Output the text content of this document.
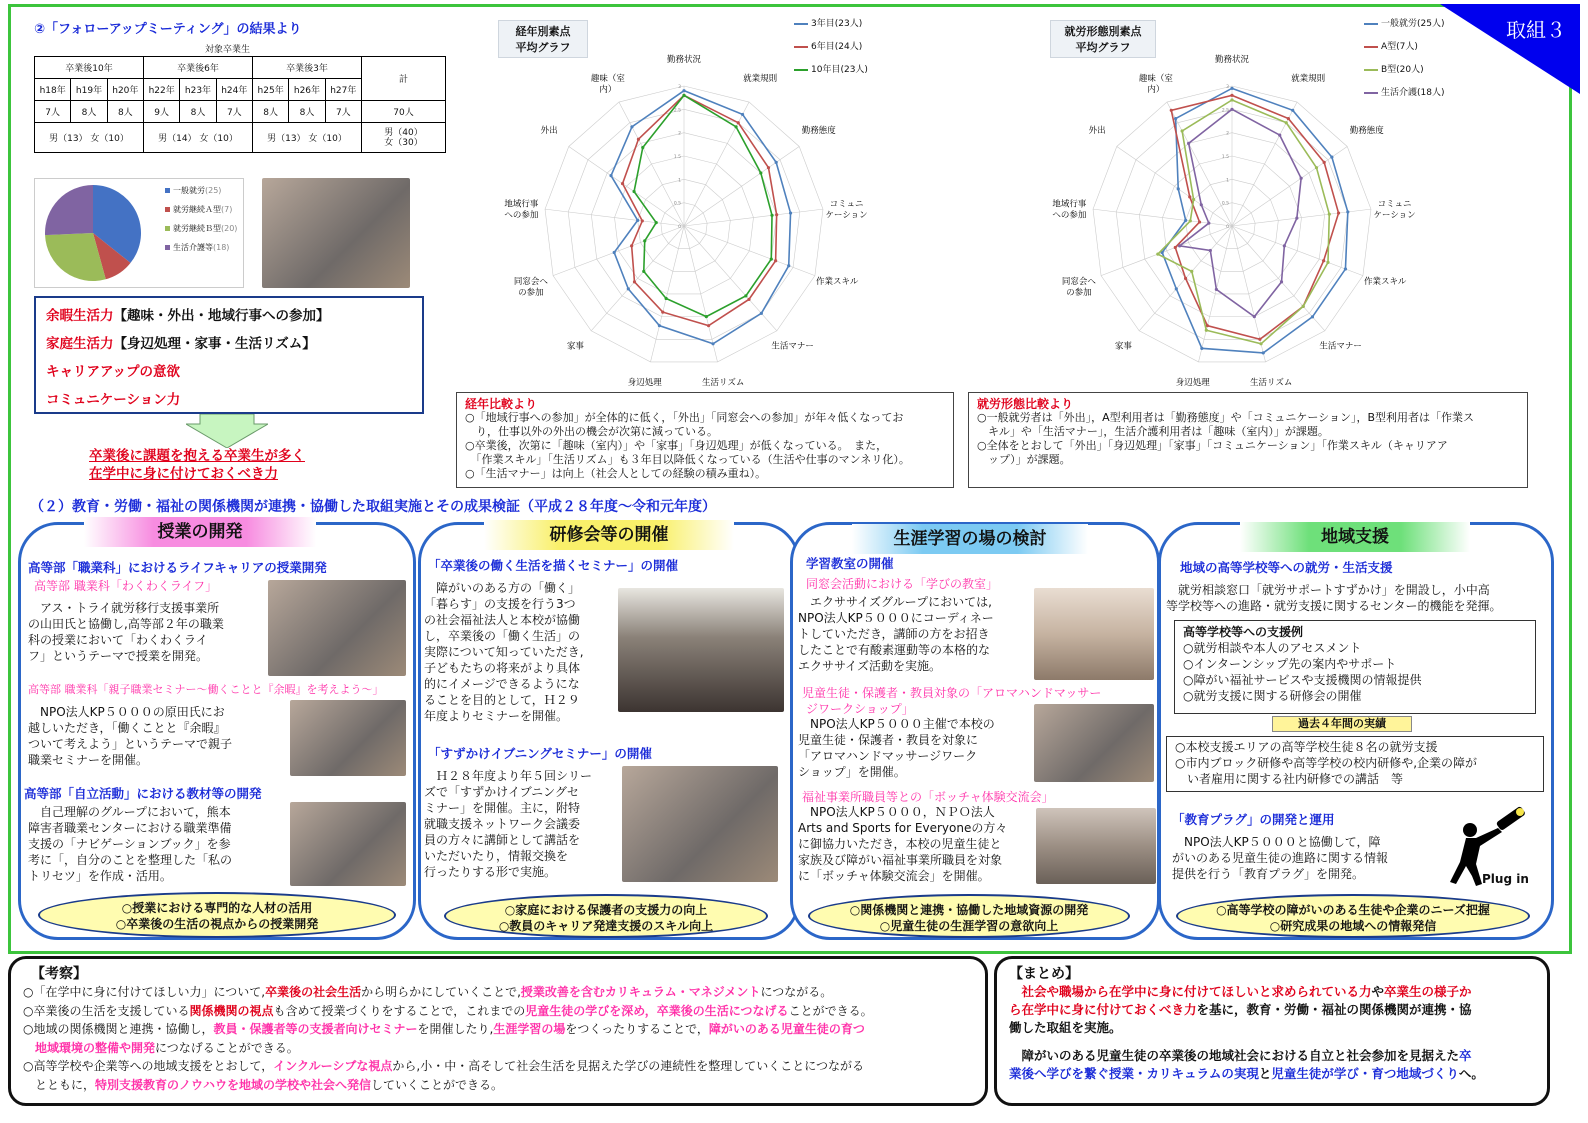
取組３
②「フォローアップミーティング」の結果より
対象卒業生
卒業後10年			卒業後6年			卒業後3年			計
h18年	h19年	h20年	h22年	h23年	h24年	h25年	h26年	h27年	
7人	8人	8人	9人	8人	7人	8人	8人	7人	70人
男（13） 女（10）			男（14） 女（10）			男（13） 女（10）			男（40）
女（30）
一般就労(25)
就労継続Ａ型(7)
就労継続Ｂ型(20)
生活介護等(18)
余暇生活力【趣味・外出・地域行事への参加】
家庭生活力【身辺処理・家事・生活リズム】
キャリアアップの意欲
コミュニケーション力
卒業後に課題を抱える卒業生が多く
在学中に身に付けておくべき力
経年別素点
平均グラフ
勤務状況
就業規則
勤務態度
コミュニケーション
作業スキル
生活マナー
生活リズム
身辺処理
家事
同窓会への参加
地域行事への参加
外出
趣味（室内）
0
0.5
1
1.5
2
2.5
3
3年目(23人)
6年目(24人)
10年目(23人)
就労形態別素点
平均グラフ
勤務状況
就業規則
勤務態度
コミュニケーション
作業スキル
生活マナー
生活リズム
身辺処理
家事
同窓会への参加
地域行事への参加
外出
趣味（室内）
0
0.5
1
1.5
2
2.5
3
一般就労(25人)
A型(7人)
B型(20人)
生活介護(18人)
経年比較より
○「地域行事への参加」が全体的に低く，「外出」「同窓会への参加」が年々低くなってお
　り，仕事以外の外出の機会が次第に減っている。
○卒業後，次第に「趣味（室内）」や「家事」「身辺処理」が低くなっている。　また，
　「作業スキル」「生活リズム」も３年目以降低くなっている（生活や仕事のマンネリ化）。
○「生活マナー」は向上（社会人としての経験の積み重ね）。
就労形態比較より
○一般就労者は「外出」，A型利用者は「勤務態度」や「コミュニケーション」，B型利用者は「作業ス
　キル」や「生活マナー」，生活介護利用者は「趣味（室内）」が課題。
○全体をとおして「外出」「身辺処理」「家事」「コミュニケーション」「作業スキル（キャリアア
　ップ）」が課題。
（２）教育・労働・福祉の関係機関が連携・協働した取組実施とその成果検証（平成２８年度～令和元年度）
授業の開発
高等部「職業科」におけるライフキャリアの授業開発
高等部 職業科「わくわくライフ」
　アス・トライ就労移行支援事業所
の山田氏と協働し,高等部２年の職業
科の授業において「わくわくライ
フ」というテーマで授業を開発。
高等部 職業科「親子職業セミナー～働くことと『余暇』を考えよう～」
　NPO法人KP５０００の原田氏にお
越しいただき，「働くことと『余暇』
ついて考えよう」というテーマで親子
職業セミナーを開催。
高等部「自立活動」における教材等の開発
　自己理解のグループにおいて，熊本
障害者職業センターにおける職業準備
支援の「ナビゲーションブック」を参
考に「，自分のことを整理した「私の
トリセツ」を作成・活用。
○授業における専門的な人材の活用
○卒業後の生活の視点からの授業開発
研修会等の開催
「卒業後の働く生活を描くセミナー」の開催
　障がいのある方の「働く」
「暮らす」の支援を行う3つ
の社会福祉法人と本校が協働
し，卒業後の「働く生活」の
実際について知っていただき,
子どもたちの将来がより具体
的にイメージできるようにな
ることを目的として，Ｈ２９
年度よりセミナーを開催。
「すずかけイブニングセミナー」の開催
　Ｈ２８年度より年５回シリー
ズで「すずかけイブニングセ
ミナー」を開催。主に，附特
就職支援ネットワーク会議委
員の方々に講師として講話を
いただいたり，情報交換を
行ったりする形で実施。
○家庭における保護者の支援力の向上
○教員のキャリア発達支援のスキル向上
生涯学習の場の検討
学習教室の開催
同窓会活動における「学びの教室」
　エクササイズグループにおいては,
NPO法人KP５０００にコーディネー
トしていただき，講師の方をお招き
したことで有酸素運動等の本格的な
エクササイズ活動を実施。
児童生徒・保護者・教員対象の「アロマハンドマッサー
ジワークショップ」
　NPO法人KP５０００主催で本校の
児童生徒・保護者・教員を対象に
「アロマハンドマッサージワーク
ショップ」を開催。
福祉事業所職員等との「ボッチャ体験交流会」
　NPO法人KP５０００，ＮＰＯ法人
Arts and Sports for Everyoneの方々
に御協力いただき，本校の児童生徒と
家族及び障がい福祉事業所職員を対象
に「ボッチャ体験交流会」を開催。
○関係機関と連携・協働した地域資源の開発
○児童生徒の生涯学習の意欲向上
地域支援
地域の高等学校等への就労・生活支援
　就労相談窓口「就労サポートすずかけ」を開設し，小中高
等学校等への進路・就労支援に関するセンター的機能を発揮。
高等学校等への支援例
○就労相談や本人のアセスメント
○インターンシップ先の案内やサポート
○障がい福祉サービスや支援機関の情報提供
○就労支援に関する研修会の開催
過去４年間の実績
○本校支援エリアの高等学校生徒８名の就労支援
○市内ブロック研修や高等学校の校内研修や,企業の障が
　い者雇用に関する社内研修での講話　等
「教育プラグ」の開発と運用
　NPO法人KP５０００と協働して，障
がいのある児童生徒の進路に関する情報
提供を行う「教育プラグ」を開発。	Plug in
○高等学校の障がいのある生徒や企業のニーズ把握
○研究成果の地域への情報発信
【考察】
○「在学中に身に付けてほしい力」について,卒業後の社会生活から明らかにしていくことで,授業改善を含むカリキュラム・マネジメントにつながる。
○卒業後の生活を支援している関係機関の視点も含めて授業づくりをすることで，これまでの児童生徒の学びを深め，卒業後の生活につなげることができる。
○地域の関係機関と連携・協働し，教員・保護者等の支援者向けセミナーを開催したり,生涯学習の場をつくったりすることで，障がいのある児童生徒の育つ
　地域環境の整備や開発につなげることができる。
○高等学校や企業等への地域支援をとおして，インクルーシブな視点から,小・中・高そして社会生活を見据えた学びの連続性を整理していくことにつながる
　とともに，特別支援教育のノウハウを地域の学校や社会へ発信していくことができる。
【まとめ】
　社会や職場から在学中に身に付けてほしいと求められている力や卒業生の様子か
ら在学中に身に付けておくべき力を基に，教育・労働・福祉の関係機関が連携・協
働した取組を実施。
　障がいのある児童生徒の卒業後の地域社会における自立と社会参加を見据えた卒
業後へ学びを繋ぐ授業・カリキュラムの実現と児童生徒が学び・育つ地域づくりへ。
